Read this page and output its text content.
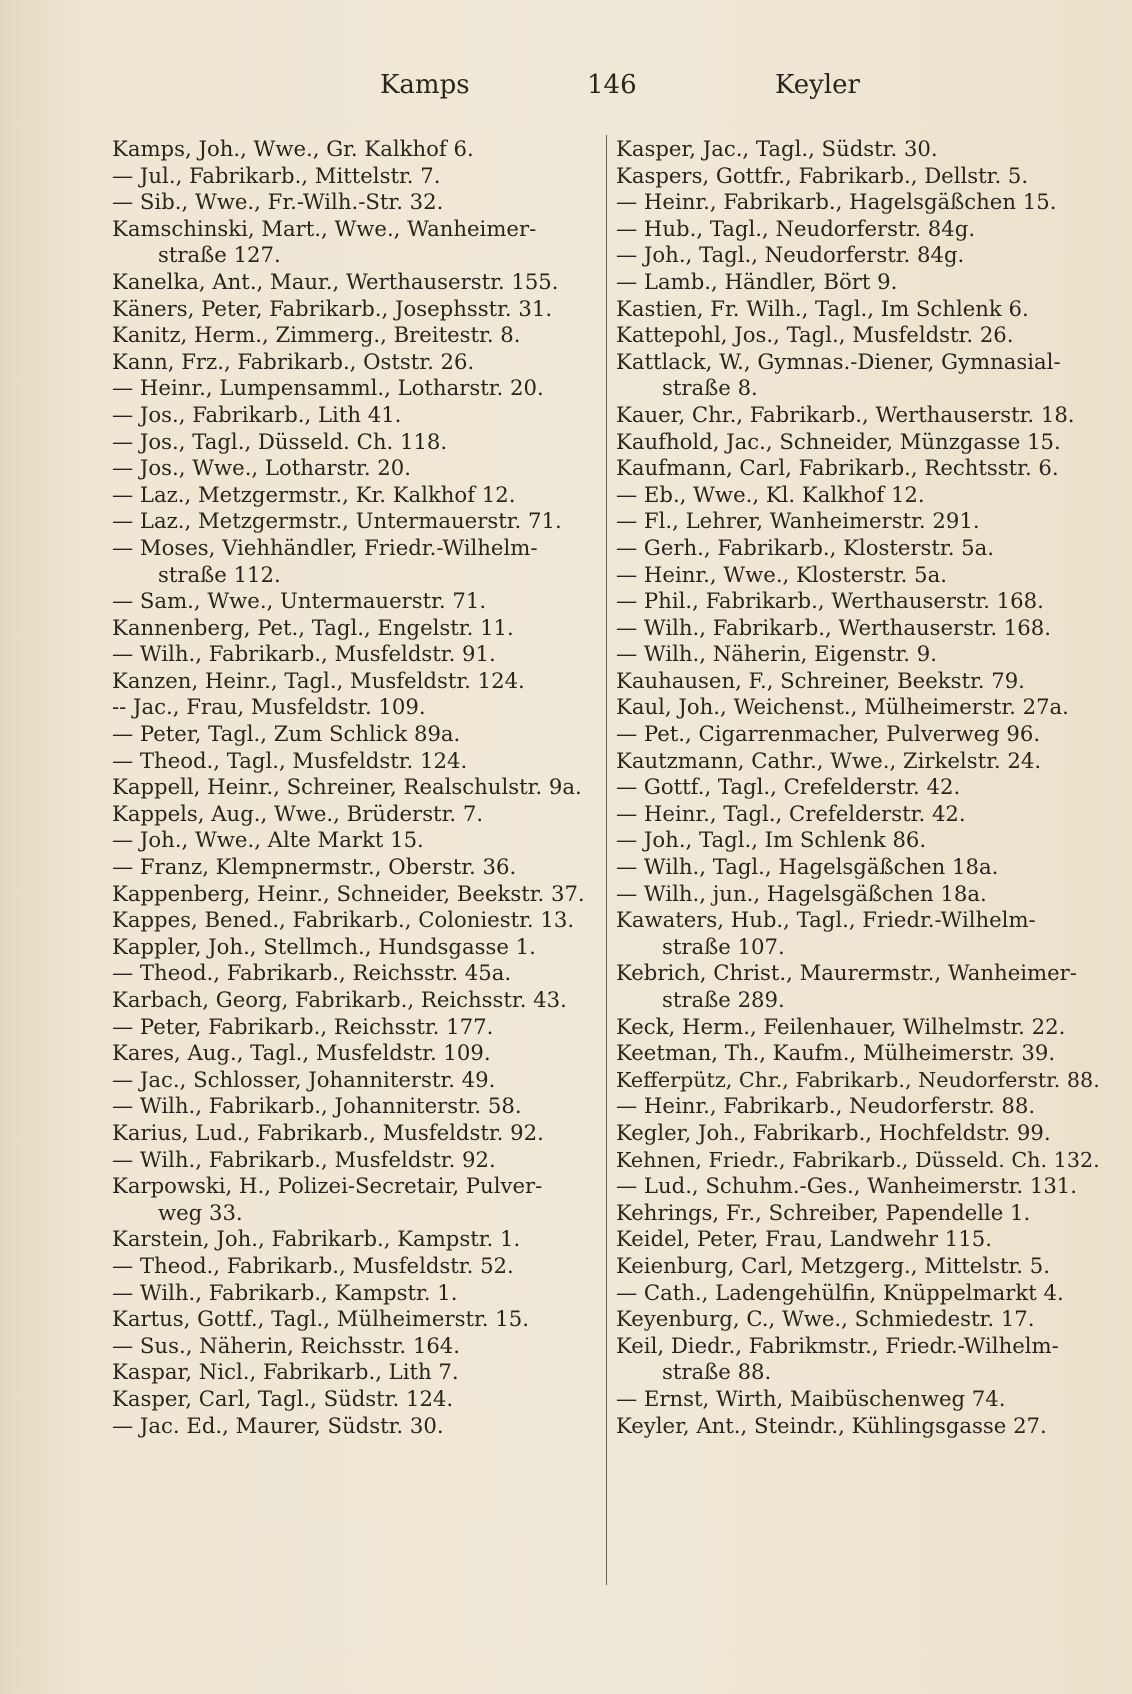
Kamps	146	Keyler
Kamps, Joh., Wwe., Gr. Kalkhof 6.
— Jul., Fabrikarb., Mittelstr. 7.
— Sib., Wwe., Fr.-Wilh.-Str. 32.
Kamschinski, Mart., Wwe., Wanheimer-
straße 127.
Kanelka, Ant., Maur., Werthauserstr. 155.
Käners, Peter, Fabrikarb., Josephsstr. 31.
Kanitz, Herm., Zimmerg., Breitestr. 8.
Kann, Frz., Fabrikarb., Oststr. 26.
— Heinr., Lumpensamml., Lotharstr. 20.
— Jos., Fabrikarb., Lith 41.
— Jos., Tagl., Düsseld. Ch. 118.
— Jos., Wwe., Lotharstr. 20.
— Laz., Metzgermstr., Kr. Kalkhof 12.
— Laz., Metzgermstr., Untermauerstr. 71.
— Moses, Viehhändler, Friedr.-Wilhelm-
straße 112.
— Sam., Wwe., Untermauerstr. 71.
Kannenberg, Pet., Tagl., Engelstr. 11.
— Wilh., Fabrikarb., Musfeldstr. 91.
Kanzen, Heinr., Tagl., Musfeldstr. 124.
-- Jac., Frau, Musfeldstr. 109.
— Peter, Tagl., Zum Schlick 89a.
— Theod., Tagl., Musfeldstr. 124.
Kappell, Heinr., Schreiner, Realschulstr. 9a.
Kappels, Aug., Wwe., Brüderstr. 7.
— Joh., Wwe., Alte Markt 15.
— Franz, Klempnermstr., Oberstr. 36.
Kappenberg, Heinr., Schneider, Beekstr. 37.
Kappes, Bened., Fabrikarb., Coloniestr. 13.
Kappler, Joh., Stellmch., Hundsgasse 1.
— Theod., Fabrikarb., Reichsstr. 45a.
Karbach, Georg, Fabrikarb., Reichsstr. 43.
— Peter, Fabrikarb., Reichsstr. 177.
Kares, Aug., Tagl., Musfeldstr. 109.
— Jac., Schlosser, Johanniterstr. 49.
— Wilh., Fabrikarb., Johanniterstr. 58.
Karius, Lud., Fabrikarb., Musfeldstr. 92.
— Wilh., Fabrikarb., Musfeldstr. 92.
Karpowski, H., Polizei-Secretair, Pulver-
weg 33.
Karstein, Joh., Fabrikarb., Kampstr. 1.
— Theod., Fabrikarb., Musfeldstr. 52.
— Wilh., Fabrikarb., Kampstr. 1.
Kartus, Gottf., Tagl., Mülheimerstr. 15.
— Sus., Näherin, Reichsstr. 164.
Kaspar, Nicl., Fabrikarb., Lith 7.
Kasper, Carl, Tagl., Südstr. 124.
— Jac. Ed., Maurer, Südstr. 30.
Kasper, Jac., Tagl., Südstr. 30.
Kaspers, Gottfr., Fabrikarb., Dellstr. 5.
— Heinr., Fabrikarb., Hagelsgäßchen 15.
— Hub., Tagl., Neudorferstr. 84g.
— Joh., Tagl., Neudorferstr. 84g.
— Lamb., Händler, Bört 9.
Kastien, Fr. Wilh., Tagl., Im Schlenk 6.
Kattepohl, Jos., Tagl., Musfeldstr. 26.
Kattlack, W., Gymnas.-Diener, Gymnasial-
straße 8.
Kauer, Chr., Fabrikarb., Werthauserstr. 18.
Kaufhold, Jac., Schneider, Münzgasse 15.
Kaufmann, Carl, Fabrikarb., Rechtsstr. 6.
— Eb., Wwe., Kl. Kalkhof 12.
— Fl., Lehrer, Wanheimerstr. 291.
— Gerh., Fabrikarb., Klosterstr. 5a.
— Heinr., Wwe., Klosterstr. 5a.
— Phil., Fabrikarb., Werthauserstr. 168.
— Wilh., Fabrikarb., Werthauserstr. 168.
— Wilh., Näherin, Eigenstr. 9.
Kauhausen, F., Schreiner, Beekstr. 79.
Kaul, Joh., Weichenst., Mülheimerstr. 27a.
— Pet., Cigarrenmacher, Pulverweg 96.
Kautzmann, Cathr., Wwe., Zirkelstr. 24.
— Gottf., Tagl., Crefelderstr. 42.
— Heinr., Tagl., Crefelderstr. 42.
— Joh., Tagl., Im Schlenk 86.
— Wilh., Tagl., Hagelsgäßchen 18a.
— Wilh., jun., Hagelsgäßchen 18a.
Kawaters, Hub., Tagl., Friedr.-Wilhelm-
straße 107.
Kebrich, Christ., Maurermstr., Wanheimer-
straße 289.
Keck, Herm., Feilenhauer, Wilhelmstr. 22.
Keetman, Th., Kaufm., Mülheimerstr. 39.
Kefferpütz, Chr., Fabrikarb., Neudorferstr. 88.
— Heinr., Fabrikarb., Neudorferstr. 88.
Kegler, Joh., Fabrikarb., Hochfeldstr. 99.
Kehnen, Friedr., Fabrikarb., Düsseld. Ch. 132.
— Lud., Schuhm.-Ges., Wanheimerstr. 131.
Kehrings, Fr., Schreiber, Papendelle 1.
Keidel, Peter, Frau, Landwehr 115.
Keienburg, Carl, Metzgerg., Mittelstr. 5.
— Cath., Ladengehülfin, Knüppelmarkt 4.
Keyenburg, C., Wwe., Schmiedestr. 17.
Keil, Diedr., Fabrikmstr., Friedr.-Wilhelm-
straße 88.
— Ernst, Wirth, Maibüschenweg 74.
Keyler, Ant., Steindr., Kühlingsgasse 27.
